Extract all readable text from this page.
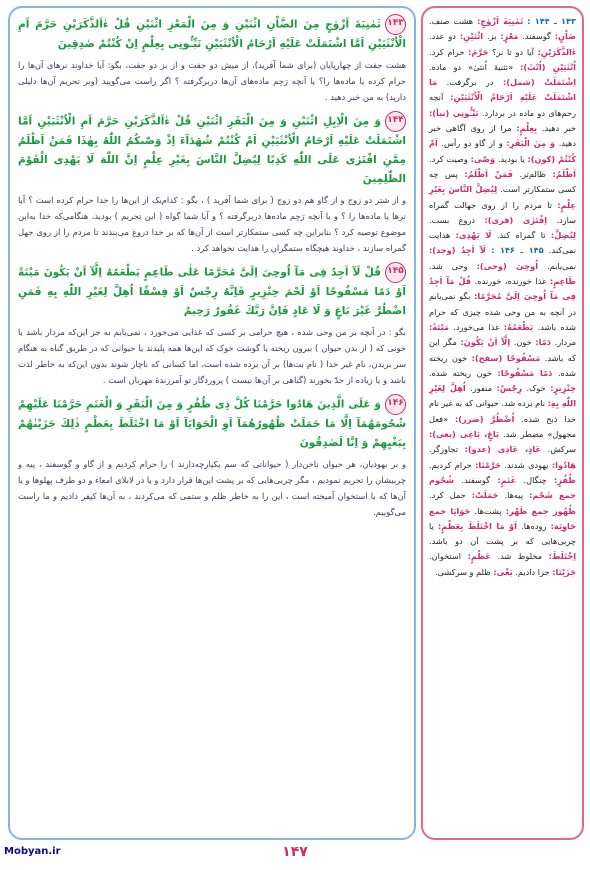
۱۴۳ثَمٰنِيَةَ اَزْوٰجٍ مِنَ الضَّاْنِ اثْنَيْنِ وَ مِنَ الْمَعْزِ اثْنَيْنِ قُلْ ءٰاَلذَّكَرَيْنِ حَرَّمَ اَمِ الْاُنْثَيَيْنِ اَمَّا اشْتَمَلَتْ عَلَيْهِ اَرْحَامُ الْاُنْثَيَيْنِ نَبِّـُٔونِى بِعِلْمٍ اِنْ كُنْتُمْ صٰدِقِينَ

هشت جفت از چهارپایان (برای شما آفرید)، از میش دو جفت و از بز دو جفت، بگو: آیا خداوند نرهای آن‌ها را حرام کرده یا ماده‌ها را؟ یا آنچه رَحِم ماده‌های آن‌ها دربرگرفته ؟ اگر راست می‌گویید (وبر تحریم آن‌ها دلیلی دارید) به من خبر دهید .

۱۴۴وَ مِنَ الْاِبِلِ اثْنَيْنِ وَ مِنَ الْبَقَرِ اثْنَيْنِ قُلْ ءٰاَلذَّكَرَيْنِ حَرَّمَ اَمِ الْاُنْثَيَيْنِ اَمَّا اشْتَمَلَتْ عَلَيْهِ اَرْحَامُ الْاُنْثَيَيْنِ اَمْ كُنْتُمْ شُهَدَآءَ اِذْ وَصّٰىكُمُ اللّٰهُ بِهٰذَا فَمَنْ اَظْلَمُ مِمَّنِ افْتَرٰى عَلَى اللّٰهِ كَذِبًا لِيُضِلَّ النَّاسَ بِغَيْرِ عِلْمٍ اِنَّ اللّٰهَ لَا يَهْدِى الْقَوْمَ الظّٰلِمِينَ

و از شتر دو زوج و از گاو هم دو زوج ( برای شما آفرید ) ، بگو : کدام‌یک از این‌ها را خدا حرام کرده است ؟ آیا نرها یا ماده‌ها را ؟ و یا آنچه رَحِم ماده‌ها دربرگرفته ؟ و آیا شما گواه ( این تحریم ) بودید، هنگامی‌که خدا به‌این موضوع توصیه کرد ؟ بنابراین چه کسی ستمکارتر است از آن‌ها که بر خدا دروغ می‌بندند تا مردم را از روی جهل گمراه سازند ، خداوند هیچگاه ستمگران را هدایت نخواهد کرد .

۱۴۵قُلْ لَآ اَجِدُ فِى مَآ اُوحِىَ اِلَىَّ مُحَرَّمًا عَلٰى طَاعِمٍ يَطْعَمُهُ اِلَّآ اَنْ يَكُونَ مَيْتَةً اَوْ دَمًا مَسْفُوحًا اَوْ لَحْمَ خِنْزِيرٍ فَاِنَّهُ رِجْسٌ اَوْ فِسْقًا اُهِلَّ لِغَيْرِ اللّٰهِ بِهِ فَمَنِ اضْطُرَّ غَيْرَ بَاغٍ وَ لَا عَادٍ فَاِنَّ رَبَّكَ غَفُورٌ رَحِيمٌ

بگو : در آنچه بر من وحی شده ، هیچ حرامی بر کسی که غذایی می‌خورد ، نمی‌یابم به جز این‌که مردار باشد یا خونی که ( از بدن حیوان ) بیرون ریخته یا گوشت خوک که این‌ها همه پلیدند یا حیوانی که در طریق گناه به هنگام سر بریدن، نام غیر خدا ( نام بت‌ها) بر آن برده شده است، اما کسانی که ناچار شوند بدون این‌که به خاطر لذت باشد و یا زیاده از حدّ بخورند (گناهی بر آن‌ها نیست ) پروردگار تو آمرزندهٔ مهربان است .

۱۴۶وَ عَلَى الَّذِينَ هَادُوا حَرَّمْنَا كُلَّ ذِى ظُفُرٍ وَ مِنَ الْبَقَرِ وَ الْغَنَمِ حَرَّمْنَا عَلَيْهِمْ شُحُومَهُمَآ اِلَّا مَا حَمَلَتْ ظُهُورُهُمَآ اَوِ الْحَوَايَآ اَوْ مَا اخْتَلَطَ بِعَظْمٍ ذٰلِكَ جَزَيْنٰهُمْ بِبَغْيِهِمْ وَ اِنَّا لَصٰدِقُونَ

و بر یهودیان، هر حیوان ناخن‌دار ( حیواناتی که سم یکپارچه‌دارند ) را حرام کردیم و از گاو و گوسفند ، پیه و چربیشان را تحریم نمودیم ، مگر چربی‌هایی که بر پشت این‌ها قرار دارد و یا در لابلای امعاء و دو طرف پهلوها و یا آن‌ها که با استخوان آمیخته است ، این را به خاطر ظلم و ستمی که می‌کردند ، به آن‌ها کیفر دادیم و ما راست می‌گوییم.

۱۴۳ ـ ۱۴۴ : ثَمٰنِيَةَ اَزْوٰجٍ: هشت صنف. ضَاْنٍ: گوسفند. مَعْزٍ: بز. اثْنَيْنِ: دو عدد. ءٰالذَّكَرَيْنِ: آیا دو تا نر؟ حَرَّمَ: حرام کرد. اُنْثَيَيْنِ (اُنْثَ): «تثنیهٔ اُنثیٰ» دو ماده. اِشْتَمَلَتْ (شمل): در برگرفت. مَا اشْتَمَلَتْ عَلَيْهِ اَرْحَامُ الْاُنْثَيَيْنِ: آنچه رحم‌های دو ماده در بردارد. نَبِّـُٔونِى (نبأ): خبر دهید. بِعِلْمٍ: مرا از روی آگاهی خبر دهید. وَ مِنَ الْبَقَرِ: و از گاو دو رأس. اَمْ كُنْتُمْ (كون): یا بودید. وَصّٰى: وصیت کرد. اَظْلَمُ: ظالم‌تر. فَمَنْ اَظْلَمُ: پس چه کسی ستمکار‌تر است. لِيُضِلَّ النَّاسَ بِغَيْرِ عِلْمٍ: تا مردم را از روی جهالت گمراه سازد. اِفْتَرٰى (فرى): دروغ بست. لِيُضِلَّ: تا گمراه کند. لَا يَهْدِى: هدایت نمی‌کند. ۱۴۵ ـ ۱۴۶ : لَآ اَجِدُ (وجد): نمی‌یابم. اُوحِىَ (وحى): وحی شد. طَاعِمٍ: غذا خورنده، خورنده. قُلْ مَآ اَجِدُ فِى مَآ اُوحِىَ اِلَىَّ مُحَرَّمًا: بگو نمی‌یابم در آنچه به من وحی شده چیزی که حرام شده باشد. يَطْعَمُهُ: غذا می‌خورد. مَيْتَةً: مردار. دَمًا: خون. اِلَّآ اَنْ يَكُونَ: مگر این که باشد. مَسْفُوحًا (سفح): خون ریخته شده. دَمًا مَسْفُوحًا: خون ریخته شده. خِنْزِيرٍ: خوک. رِجْسٌ: منفور. اُهِلَّ لِغَيْرِ اللّٰهِ بِهِ: نام برده شد. حیوانی که به غیر نام خدا ذبح شده. اُضْطُرَّ (ضرر): «فعل مجهول» مضطر شد. بَاغٍ، بَاغِى (بغى): سرکش. عَادٍ، عَادِى (عدو): تجاوزگر. هَادُوا: یهودی شدند. حَرَّمْنَا: حرام کردیم. ظُفُرٍ: چنگال. غَنَمٍ: گوسفند. شُحُوم جمع شَحْم: پیه‌ها. حَمَلَتْ: حمل کرد. ظُهُور جمع ظَهْر: پشت‌ها. حَوَايَا جمع حَاوِيَة: روده‌ها. اَوْ مَا اخْتَلَطَ بِعَظْمٍ: یا چربی‌هایی که بر پشت آن دو باشد. اِخْتَلَطَ: مخلوط شد. عَظْمٍ: استخوان. جَزَيْنَا: جزا دادیم. بَغْى: ظلم و سرکشی.
Mobyan.ir	۱۴۷
